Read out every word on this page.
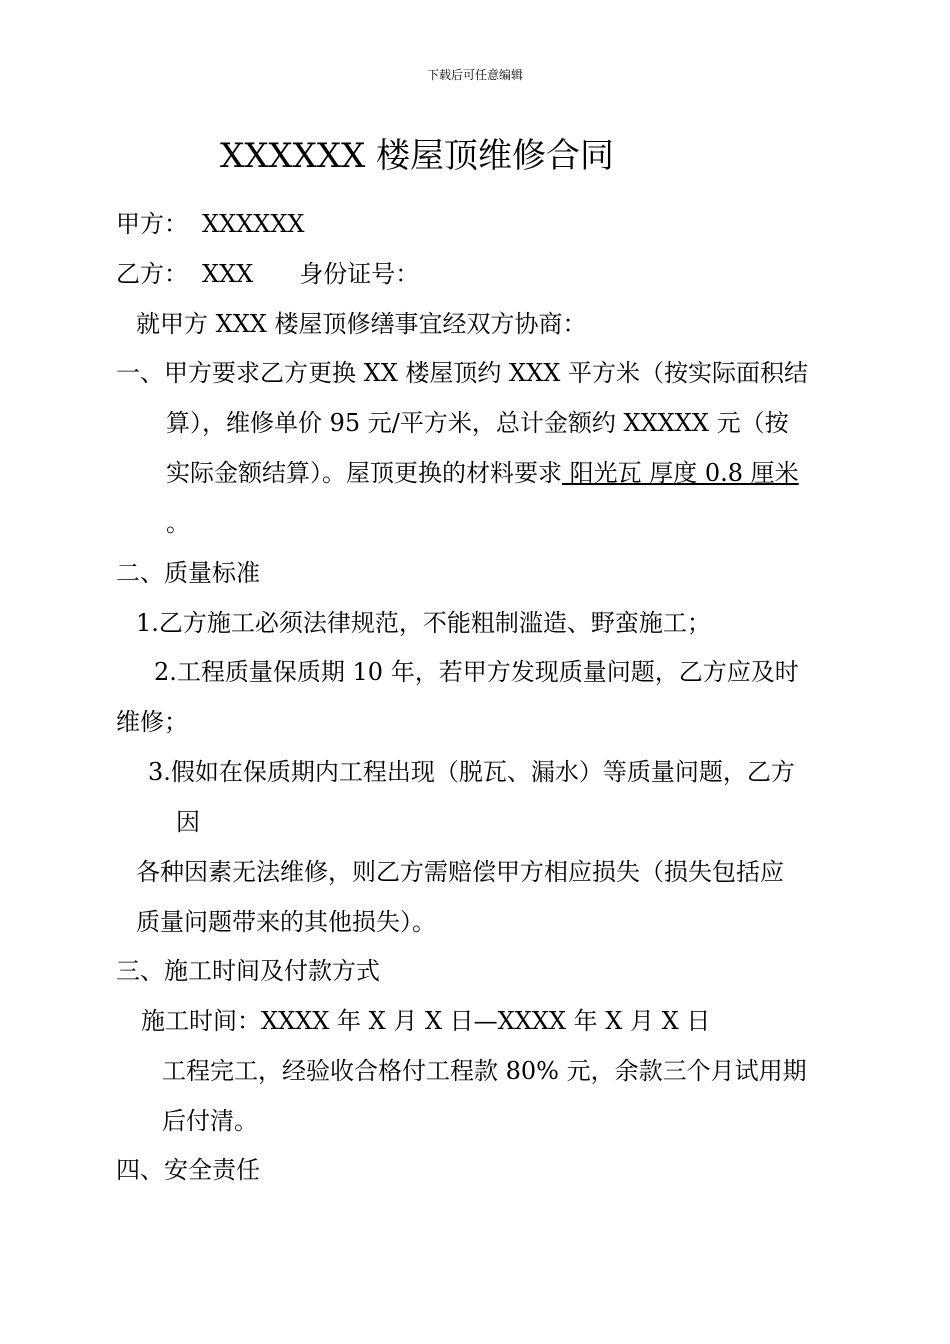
下载后可任意编辑
XXXXXX 楼屋顶维修合同
甲方： XXXXXX
乙方： XXX 身份证号：
就甲方 XXX 楼屋顶修缮事宜经双方协商：
一、甲方要求乙方更换 XX 楼屋顶约 XXX 平方米（按实际面积结
算），维修单价 95 元/平方米，总计金额约 XXXXX 元（按
实际金额结算）。屋顶更换的材料要求 阳光瓦 厚度 0.8 厘米
。
二、质量标准
1.乙方施工必须法律规范，不能粗制滥造、野蛮施工；
2.工程质量保质期 10 年，若甲方发现质量问题，乙方应及时
维修；
3.假如在保质期内工程出现（脱瓦、漏水）等质量问题，乙方
因
各种因素无法维修，则乙方需赔偿甲方相应损失（损失包括应
质量问题带来的其他损失）。
三、施工时间及付款方式
施工时间：XXXX 年 X 月 X 日—XXXX 年 X 月 X 日
工程完工，经验收合格付工程款 80% 元，余款三个月试用期
后付清。
四、安全责任
